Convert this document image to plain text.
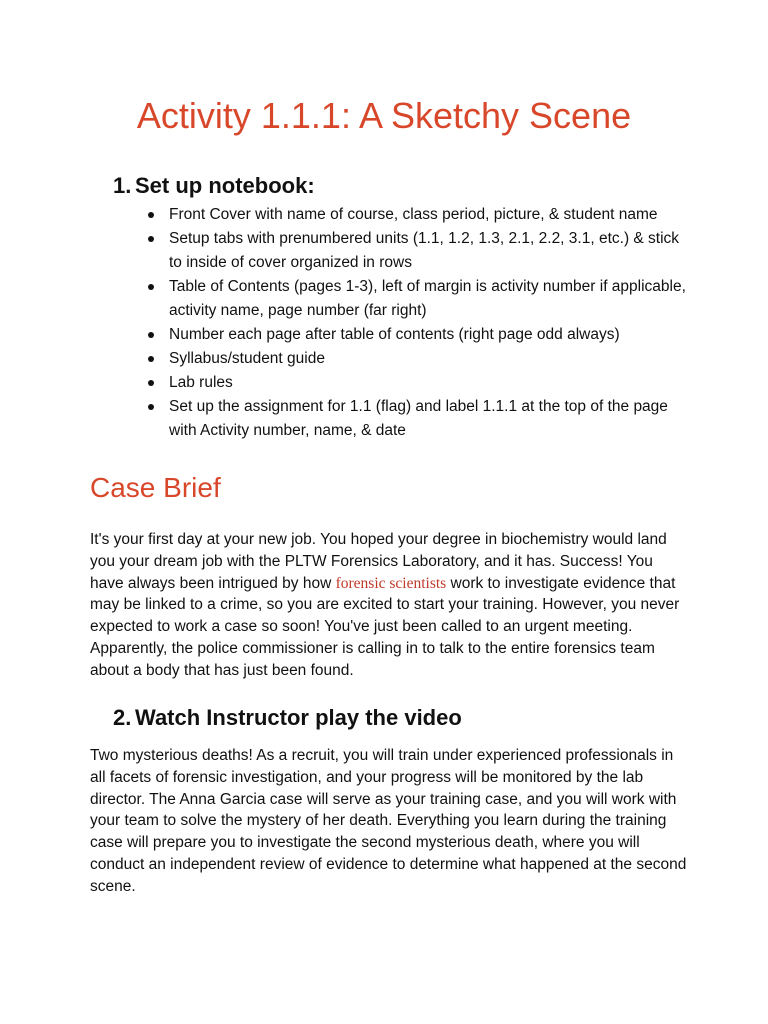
Activity 1.1.1: A Sketchy Scene
1. Set up notebook:
Front Cover with name of course, class period, picture, & student name
Setup tabs with prenumbered units (1.1, 1.2, 1.3, 2.1, 2.2, 3.1, etc.) & stick to inside of cover organized in rows
Table of Contents (pages 1-3), left of margin is activity number if applicable, activity name, page number (far right)
Number each page after table of contents (right page odd always)
Syllabus/student guide
Lab rules
Set up the assignment for 1.1 (flag) and label 1.1.1 at the top of the page with Activity number, name, & date
Case Brief

It's your first day at your new job. You hoped your degree in biochemistry would land you your dream job with the PLTW Forensics Laboratory, and it has. Success! You have always been intrigued by how forensic scientists work to investigate evidence that may be linked to a crime, so you are excited to start your training. However, you never expected to work a case so soon! You've just been called to an urgent meeting. Apparently, the police commissioner is calling in to talk to the entire forensics team about a body that has just been found.

2. Watch Instructor play the video

Two mysterious deaths! As a recruit, you will train under experienced professionals in all facets of forensic investigation, and your progress will be monitored by the lab director. The Anna Garcia case will serve as your training case, and you will work with your team to solve the mystery of her death. Everything you learn during the training case will prepare you to investigate the second mysterious death, where you will conduct an independent review of evidence to determine what happened at the second scene.
